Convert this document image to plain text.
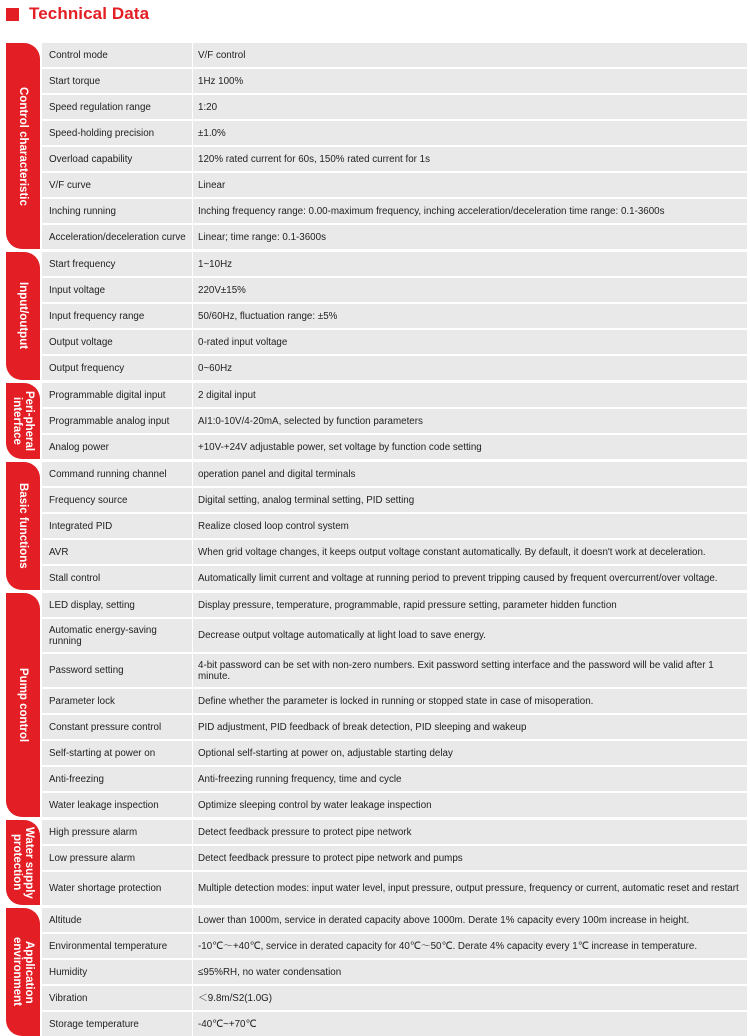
Technical Data
Control mode	V/F control
Start torque	1Hz 100%
Speed regulation range	1:20
Speed-holding precision	±1.0%
Overload capability	120% rated current for 60s, 150% rated current for 1s
V/F curve	Linear
Inching running	Inching frequency range: 0.00-maximum frequency, inching acceleration/deceleration time range: 0.1-3600s
Acceleration/deceleration curve	Linear; time range: 0.1-3600s
Control characteristic
Start frequency	1~10Hz
Input voltage	220V±15%
Input frequency range	50/60Hz, fluctuation range: ±5%
Output voltage	0-rated input voltage
Output frequency	0~60Hz
Input/output
Programmable digital input	2 digital input
Programmable analog input	AI1:0-10V/4-20mA, selected by function parameters
Analog power	+10V-+24V adjustable power, set voltage by function code setting
Peri-pheral interface
Command running channel	operation panel and digital terminals
Frequency source	Digital setting, analog terminal setting, PID setting
Integrated PID	Realize closed loop control system
AVR	When grid voltage changes, it keeps output voltage constant automatically. By default, it doesn't work at deceleration.
Stall control	Automatically limit current and voltage at running period to prevent tripping caused by frequent overcurrent/over voltage.
Basic functions
LED display, setting	Display pressure, temperature, programmable, rapid pressure setting, parameter hidden function
Automatic energy-saving running	Decrease output voltage automatically at light load to save energy.
Password setting	4-bit password can be set with non-zero numbers. Exit password setting interface and the password will be valid after 1 minute.
Parameter lock	Define whether the parameter is locked in running or stopped state in case of misoperation.
Constant pressure control	PID adjustment, PID feedback of break detection, PID sleeping and wakeup
Self-starting at power on	Optional self-starting at power on, adjustable starting delay
Anti-freezing	Anti-freezing running frequency, time and cycle
Water leakage inspection	Optimize sleeping control by water leakage inspection
Pump control
High pressure alarm	Detect feedback pressure to protect pipe network
Low pressure alarm	Detect feedback pressure to protect pipe network and pumps
Water shortage protection	Multiple detection modes: input water level, input pressure, output pressure, frequency or current, automatic reset and restart
Water supply protection
Altitude	Lower than 1000m, service in derated capacity above 1000m. Derate 1% capacity every 100m increase in height.
Environmental temperature	-10℃～+40℃, service in derated capacity for 40℃～50℃. Derate 4% capacity every 1℃ increase in temperature.
Humidity	≤95%RH, no water condensation
Vibration	＜9.8m/S2(1.0G)
Storage temperature	-40℃~+70℃
Application environment
